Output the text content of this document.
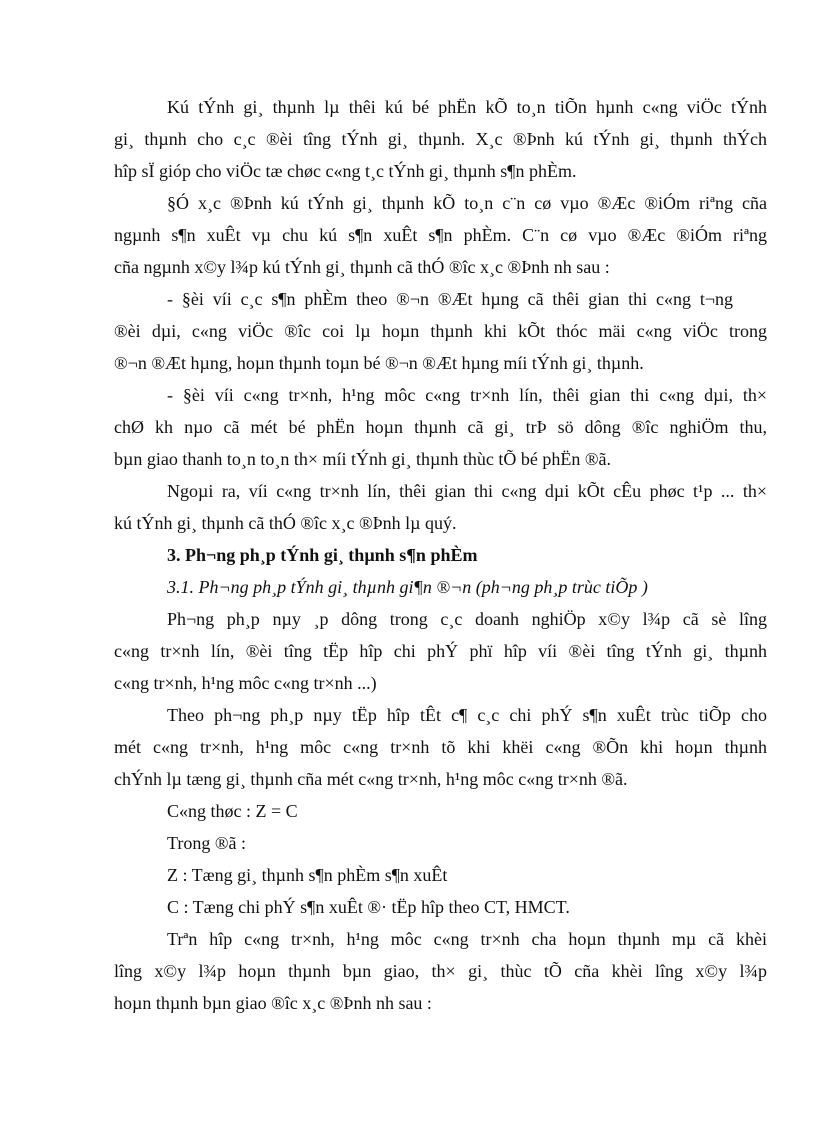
Kú tÝnh gi¸ thµnh lµ thêi kú bé phËn kÕ to¸n tiÕn hµnh c«ng viÖc tÝnh

gi¸ thµnh cho c¸c ®èi tîng tÝnh gi¸ thµnh. X¸c ®Þnh kú tÝnh gi¸ thµnh thÝch

hîp sÏ gióp cho viÖc tæ chøc c«ng t¸c tÝnh gi¸ thµnh s¶n phÈm.

§Ó x¸c ®Þnh kú tÝnh gi¸ thµnh kÕ to¸n c¨n cø vµo ®Æc ®iÓm riªng cña

ngµnh s¶n xuÊt vµ chu kú s¶n xuÊt s¶n phÈm. C¨n cø vµo ®Æc ®iÓm riªng

cña ngµnh x©y l¾p kú tÝnh gi¸ thµnh cã thÓ ®îc x¸c ®Þnh nh sau :

- §èi víi c¸c s¶n phÈm theo ®¬n ®Æt hµng cã thêi gian thi c«ng t¬ng

®èi dµi, c«ng viÖc ®îc coi lµ hoµn thµnh khi kÕt thóc mäi c«ng viÖc trong

®¬n ®Æt hµng, hoµn thµnh toµn bé ®¬n ®Æt hµng míi tÝnh gi¸ thµnh.

- §èi víi c«ng tr×nh, h¹ng môc c«ng tr×nh lín, thêi gian thi c«ng dµi, th×

chØ kh nµo cã mét bé phËn hoµn thµnh cã gi¸ trÞ sö dông ®îc nghiÖm thu,

bµn giao thanh to¸n to¸n th× míi tÝnh gi¸ thµnh thùc tÕ bé phËn ®ã.

Ngoµi ra, víi c«ng tr×nh lín, thêi gian thi c«ng dµi kÕt cÊu phøc t¹p ... th×

kú tÝnh gi¸ thµnh cã thÓ ®îc x¸c ®Þnh lµ quý.

3. Ph¬ng ph¸p tÝnh gi¸ thµnh s¶n phÈm

3.1. Ph¬ng ph¸p tÝnh gi¸ thµnh gi¶n ®¬n (ph¬ng ph¸p trùc tiÕp )

Ph¬ng ph¸p nµy ¸p dông trong c¸c doanh nghiÖp x©y l¾p cã sè lîng

c«ng tr×nh lín, ®èi tîng tËp hîp chi phÝ phï hîp víi ®èi tîng tÝnh gi¸ thµnh

c«ng tr×nh, h¹ng môc c«ng tr×nh ...)

Theo ph¬ng ph¸p nµy tËp hîp tÊt c¶ c¸c chi phÝ s¶n xuÊt trùc tiÕp cho

mét c«ng tr×nh, h¹ng môc c«ng tr×nh tõ khi khëi c«ng ®Õn khi hoµn thµnh

chÝnh lµ tæng gi¸ thµnh cña mét c«ng tr×nh, h¹ng môc c«ng tr×nh ®ã.

C«ng thøc : Z = C

Trong ®ã :

Z : Tæng gi¸ thµnh s¶n phÈm s¶n xuÊt

C : Tæng chi phÝ s¶n xuÊt ®· tËp hîp theo CT, HMCT.

Trªn hîp c«ng tr×nh, h¹ng môc c«ng tr×nh cha hoµn thµnh mµ cã khèi

lîng x©y l¾p hoµn thµnh bµn giao, th× gi¸ thùc tÕ cña khèi lîng x©y l¾p

hoµn thµnh bµn giao ®îc x¸c ®Þnh nh sau :
